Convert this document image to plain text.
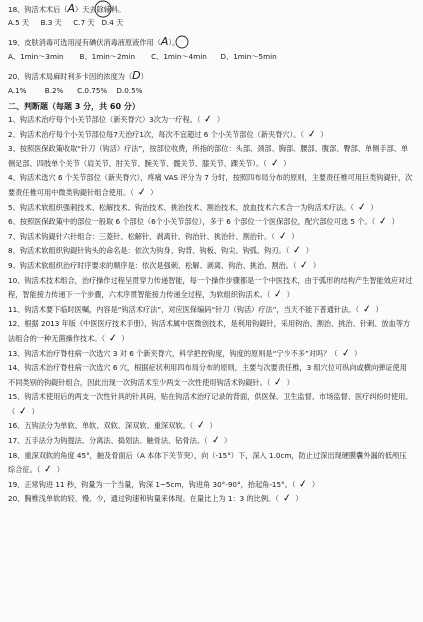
18、钩活术术后（A）天去除辅料。
A.5 天 B.3 天 C.7 天 D.4 天
19、皮肤消毒可选用浸有碘伏消毒液原液作用（A）。
A、1min～3min B、1min～2min C、1min～4min D、1min～5min
20、钩活术局麻时利多卡因的浓度为（D）
A.1%	B.2% C.0.75% D.0.5%
二、判断题（每题 3 分，共 60 分）

1、钩活术治疗每个小关节部位（新夹脊穴）3次为一疗程。（ ✓ ）

2、钩活术治疗每个小关节部位每7天治疗1次，每次不宜超过 6 个小关节部位（新夹脊穴）。（ ✓ ）

3、按照医保政策收取“针刀（钩活）疗法”，按部位收费，所指的部位：头部、颈部、胸部、腰部、腹部、臀部、单侧手部、单侧足部、四肢单个关节（肩关节、肘关节、腕关节、髋关节、膝关节、踝关节）。（ ✓ ）

4、钩活术选穴 6 个关节部位（新夹脊穴），疼痛 VAS 评分为 7 分时，按照四布局分布的原则，主要责任椎可用巨类钩鍉针，次要责任椎可用中微类钩鍉针组合使用。（ ✓ ）

5、钩活术软组织强刺技术、松解技术、钩治技术、挑治技术、割治技术、放血技术六术合一为钩活术疗法。（ ✓ ）

6、按照医保政策中的部位一般取 6 个部位（6个小关节部位），多于 6 个部位一个医保部位，配穴部位可选 5 个。（ ✓ ）

7、钩活术钩鍉针六针组合：三菱针、松解针、剥离针、钩治针、挑治针、割治针。（ ✓ ）

8、钩活术软组织钩鍉针钩头的命名是：依次为钩身、钩背、钩板、钩尖、钩弧、钩刃。（ ✓ ）

9、钩活术软组织治疗时序要求的顺序是：依次是强刺、松解、剥离、钩治、挑治、割治。（ ✓ ）

10、钩活术技术组合，治疗操作过程呈贯穿力传递智能，每一个操作步骤都是一个中医技术，由于弧形的结构产生智能效应对过程，智能接力传递下一个步骤，六术序贯智能接力传递全过程，为软组织钩活术。（ ✓ ）

11、钩活术要下临时医嘱，内容是“钩活术疗法”，对应医保编码“针刀（钩活）疗法”，当天不能下普通针法。（ ✓ ）

12、根据 2013 年版《中医医疗技术手册》，钩活术属中医微创技术，是利用钩鍉针，采用钩治、割治、挑治、针刺、放血等方法组合的一种无菌操作技术。（ ✓ ）

13、钩活术治疗脊柱病一次选穴 3 对 6 个新夹脊穴，科学把控钩度，钩度的原则是“宁少不多”对吗？（ ✓ ）

14、钩活术治疗脊柱病一次选穴 6 穴，根据症状利用四布局分布的原则，主要与次要责任椎，3 组穴位可纵向或横向弹证使用不同类别的钩鍉针组合，因此出现一次钩活术至少两支一次性使用钩活术钩鍉针。（ ✓ ）

15、钩活术使用后的两支一次性针具的针具码，贴在钩活术治疗记录的背面，供医保、卫生监督、市场监督、医疗纠纷时使用。（ ✓ ）

16、五钩法分为单软、单软、双软、深双软、重深双软。（ ✓ ）

17、五手法分为钩提法、分离法、捣划法、触骨法、钻骨法。（ ✓ ）

18、重深双软的角度 45°，触及骨面后（A 本体下关节突），向（-15°）下，深入 1.0cm，防止过深出现硬膜囊外漏的低颅压综合征。（ ✓ ）

19、正常钩进 11 秒，钩量为一个当量，钩深 1~5cm，钩进角 30°-90°，抬起角-15°。（ ✓ ）

20、胸椎浅单软的轻、慢、少，通过钩速和钩量来体现。在量比上为 1：3 的比例。（ ✓ ）
